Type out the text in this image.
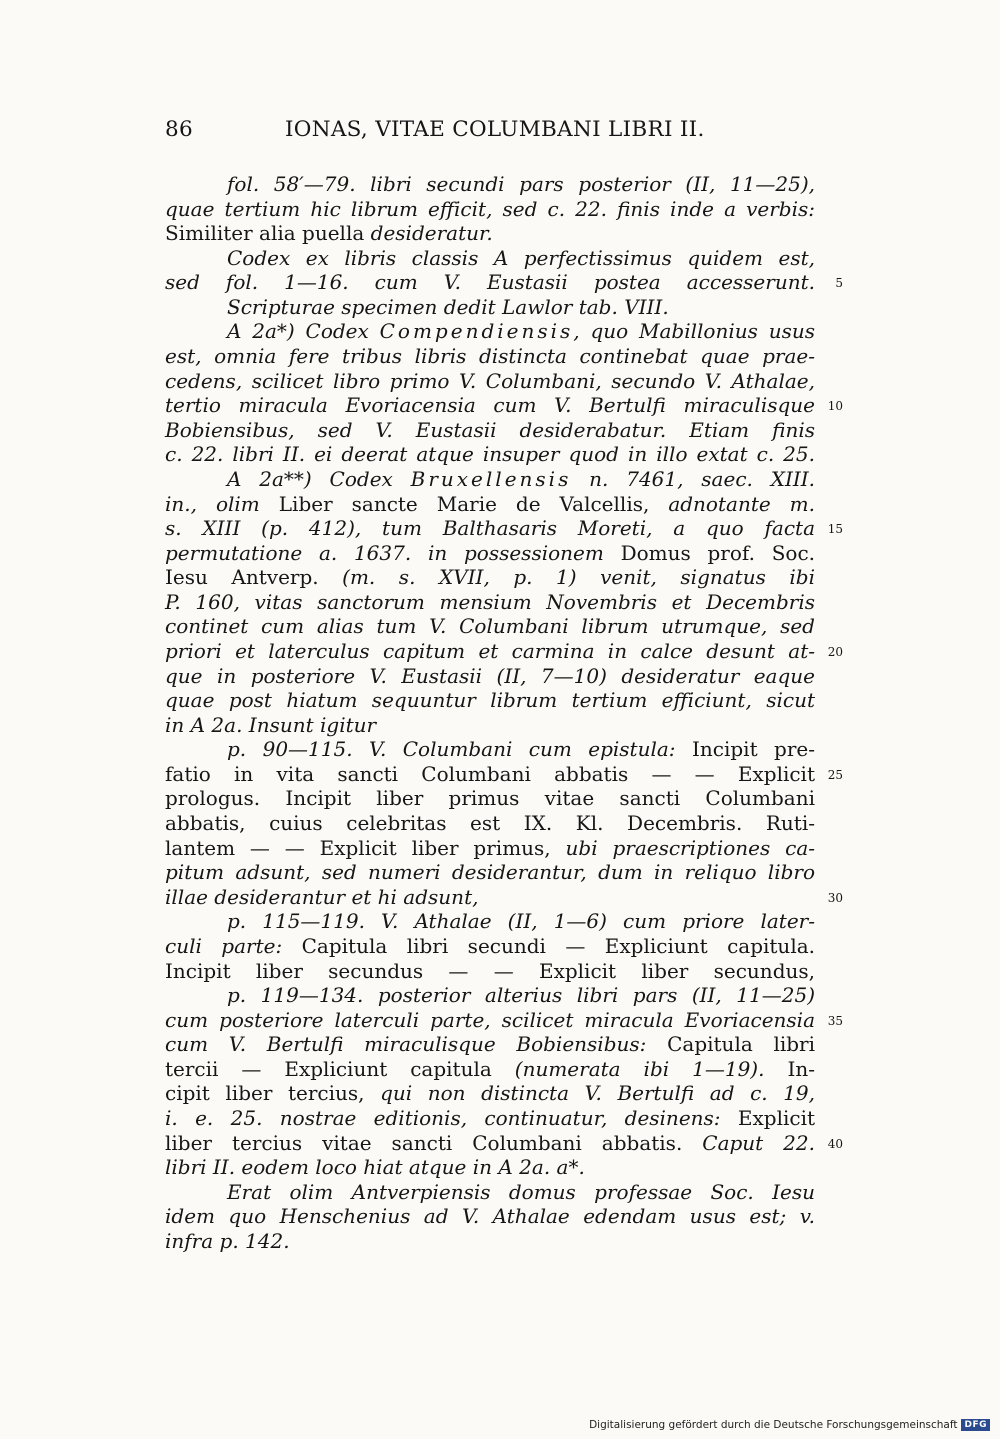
86	IONAS, VITAE COLUMBANI LIBRI II.
fol. 58′—79. libri secundi pars posterior (II, 11—25),
quae tertium hic librum efficit, sed c. 22. finis inde a verbis:
Similiter alia puella desideratur.
Codex ex libris classis A perfectissimus quidem est,
sed fol. 1—16. cum V. Eustasii postea accesserunt. 5
Scripturae specimen dedit Lawlor tab. VIII.
A 2a*) Codex Compendiensis, quo Mabillonius usus
est, omnia fere tribus libris distincta continebat quae prae-
cedens, scilicet libro primo V. Columbani, secundo V. Athalae,
tertio miracula Evoriacensia cum V. Bertulfi miraculisque 10
Bobiensibus, sed V. Eustasii desiderabatur. Etiam finis
c. 22. libri II. ei deerat atque insuper quod in illo extat c. 25.
A 2a**) Codex Bruxellensis n. 7461, saec. XIII.
in., olim Liber sancte Marie de Valcellis, adnotante m.
s. XIII (p. 412), tum Balthasaris Moreti, a quo facta 15
permutatione a. 1637. in possessionem Domus prof. Soc.
Iesu Antverp. (m. s. XVII, p. 1) venit, signatus ibi
P. 160, vitas sanctorum mensium Novembris et Decembris
continet cum alias tum V. Columbani librum utrumque, sed
priori et laterculus capitum et carmina in calce desunt at- 20
que in posteriore V. Eustasii (II, 7—10) desideratur eaque
quae post hiatum sequuntur librum tertium efficiunt, sicut
in A 2a. Insunt igitur
p. 90—115. V. Columbani cum epistula: Incipit pre-
fatio in vita sancti Columbani abbatis — — Explicit 25
prologus. Incipit liber primus vitae sancti Columbani
abbatis, cuius celebritas est IX. Kl. Decembris. Ruti-
lantem — — Explicit liber primus, ubi praescriptiones ca-
pitum adsunt, sed numeri desiderantur, dum in reliquo libro
illae desiderantur et hi adsunt,	30
p. 115—119. V. Athalae (II, 1—6) cum priore later-
culi parte: Capitula libri secundi — Expliciunt capitula.
Incipit liber secundus — — Explicit liber secundus,
p. 119—134. posterior alterius libri pars (II, 11—25)
cum posteriore laterculi parte, scilicet miracula Evoriacensia 35
cum V. Bertulfi miraculisque Bobiensibus: Capitula libri
tercii — Expliciunt capitula (numerata ibi 1—19). In-
cipit liber tercius, qui non distincta V. Bertulfi ad c. 19,
i. e. 25. nostrae editionis, continuatur, desinens: Explicit
liber tercius vitae sancti Columbani abbatis. Caput 22. 40
libri II. eodem loco hiat atque in A 2a. a*.
Erat olim Antverpiensis domus professae Soc. Iesu
idem quo Henschenius ad V. Athalae edendam usus est; v.
infra p. 142.
Digitalisierung gefördert durch die Deutsche Forschungsgemeinschaft DFG
